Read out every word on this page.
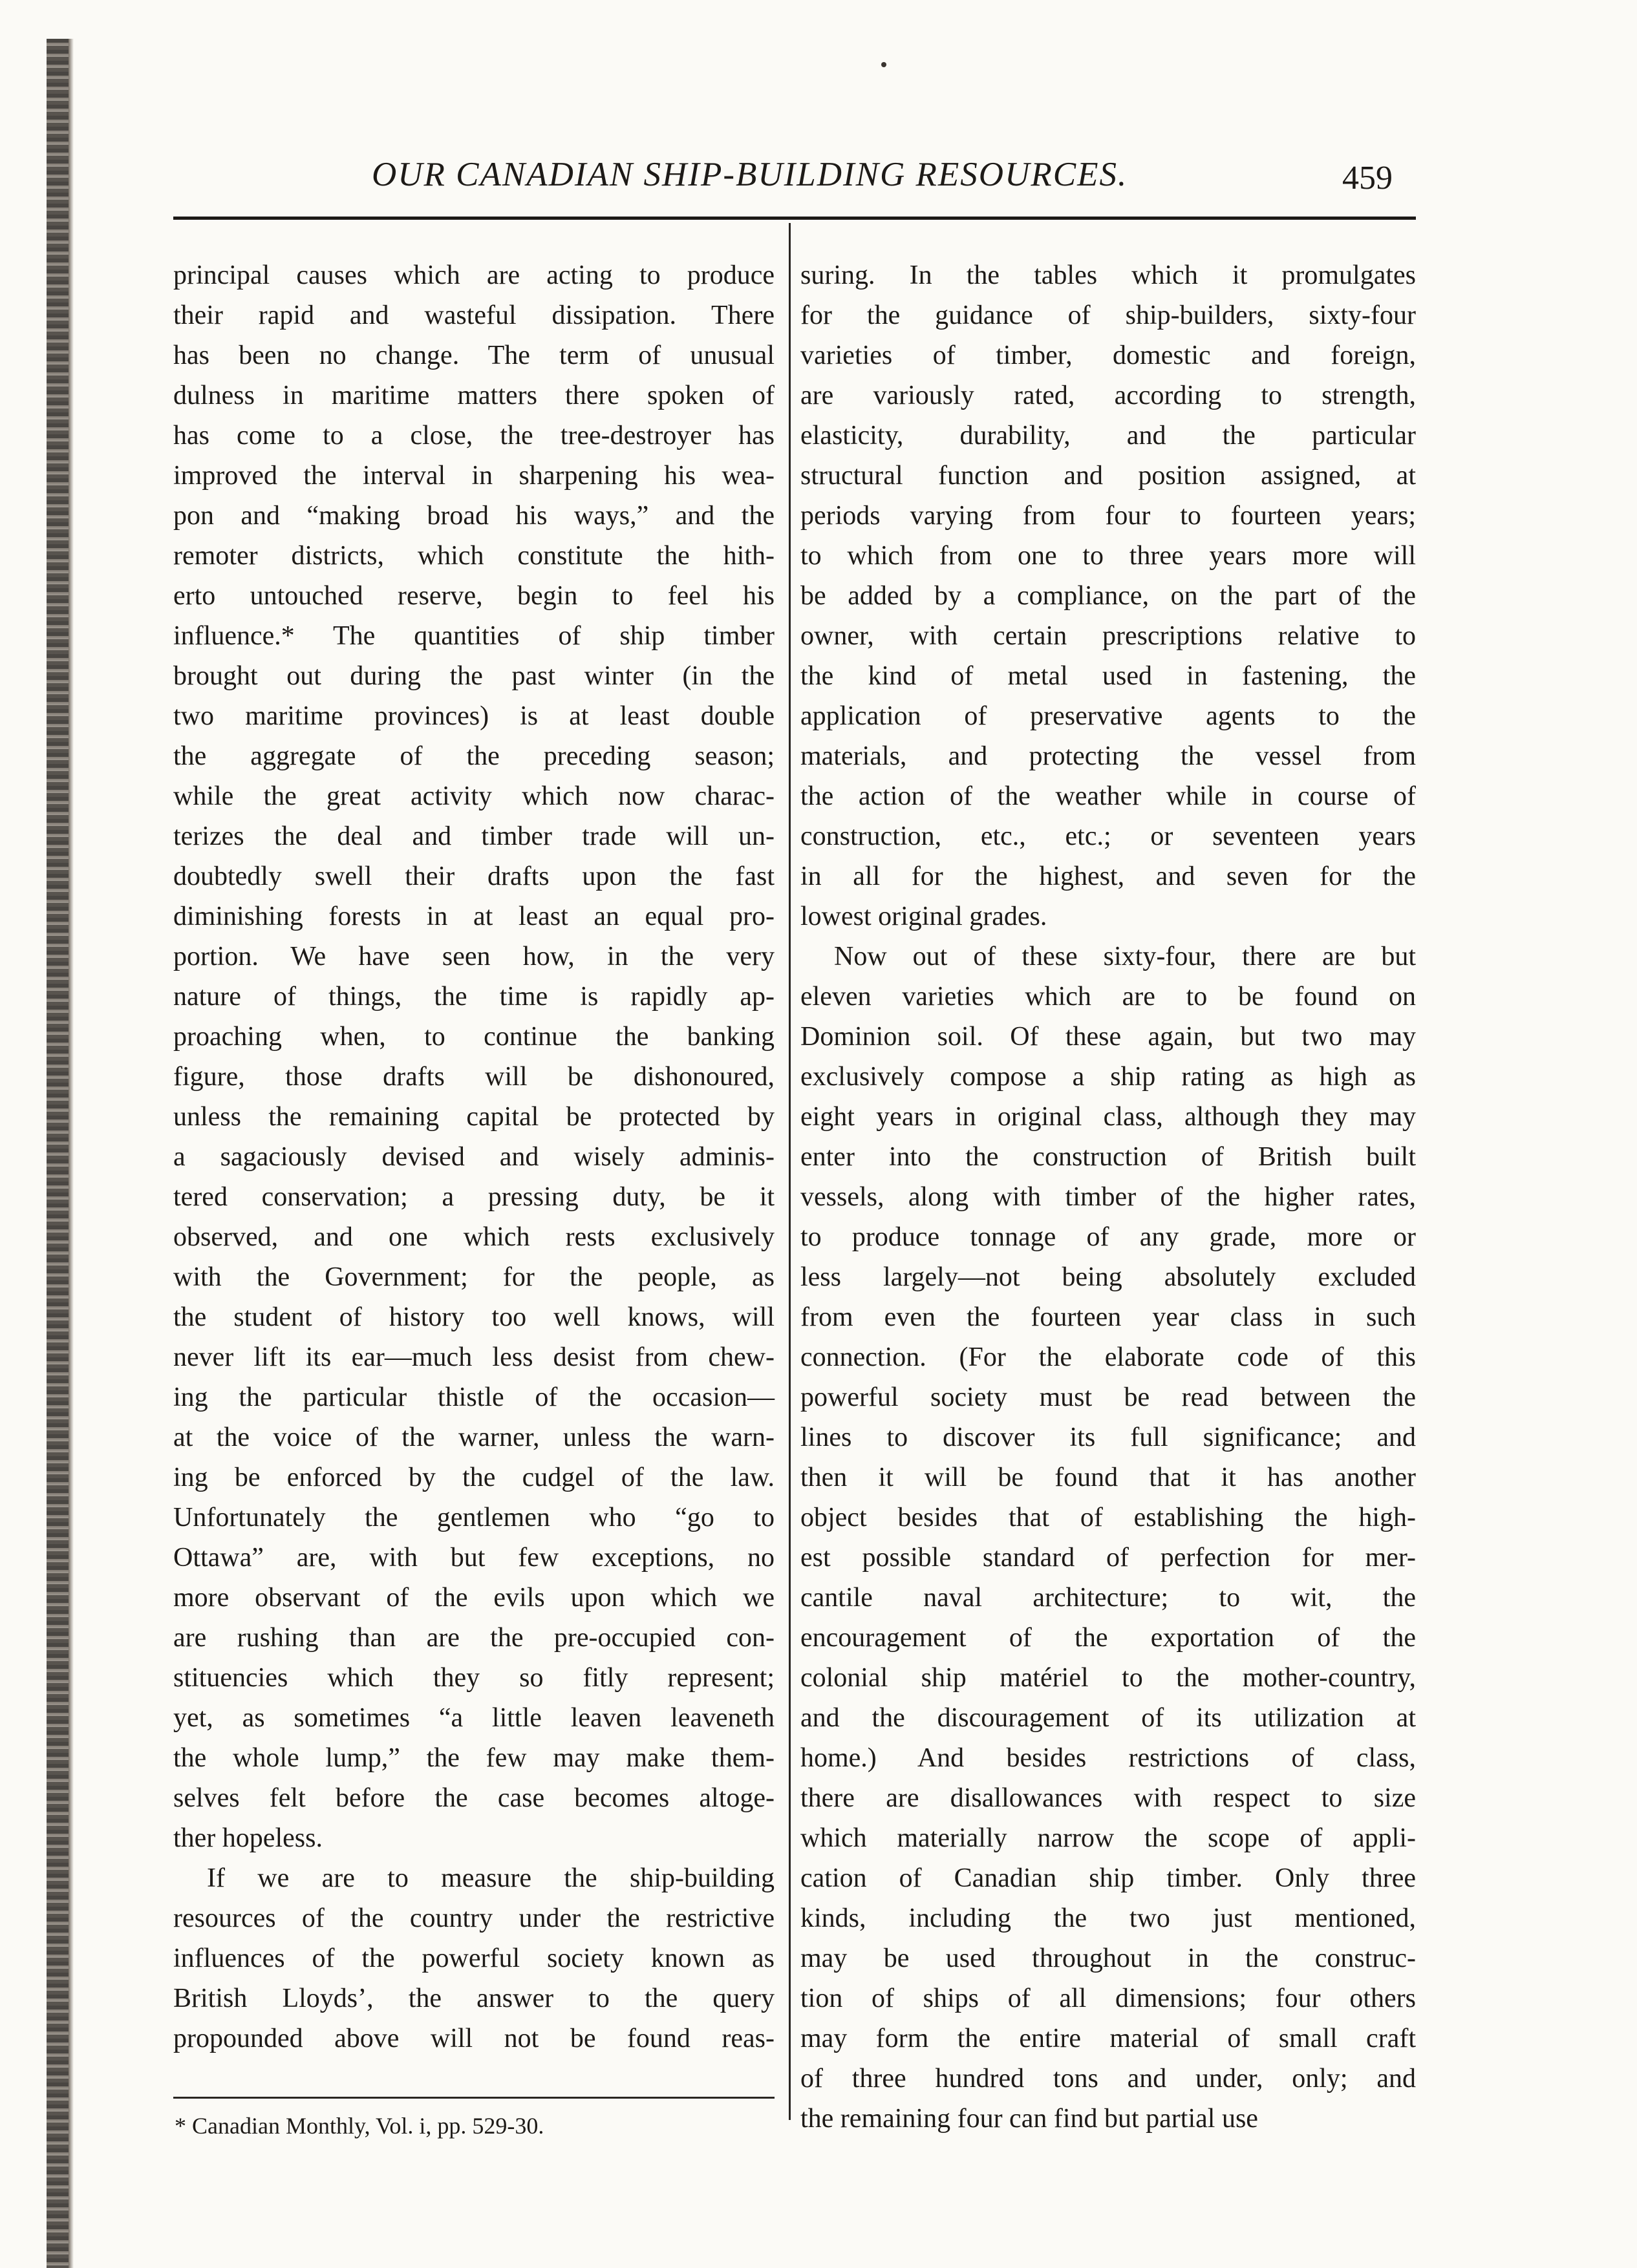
OUR CANADIAN SHIP-BUILDING RESOURCES.	459
principal causes which are acting to produce
their rapid and wasteful dissipation. There
has been no change. The term of unusual
dulness in maritime matters there spoken of
has come to a close, the tree-destroyer has
improved the interval in sharpening his wea-
pon and “making broad his ways,” and the
remoter districts, which constitute the hith-
erto untouched reserve, begin to feel his
influence.* The quantities of ship timber
brought out during the past winter (in the
two maritime provinces) is at least double
the aggregate of the preceding season;
while the great activity which now charac-
terizes the deal and timber trade will un-
doubtedly swell their drafts upon the fast
diminishing forests in at least an equal pro-
portion. We have seen how, in the very
nature of things, the time is rapidly ap-
proaching when, to continue the banking
figure, those drafts will be dishonoured,
unless the remaining capital be protected by
a sagaciously devised and wisely adminis-
tered conservation; a pressing duty, be it
observed, and one which rests exclusively
with the Government; for the people, as
the student of history too well knows, will
never lift its ear—much less desist from chew-
ing the particular thistle of the occasion—
at the voice of the warner, unless the warn-
ing be enforced by the cudgel of the law.
Unfortunately the gentlemen who “go to
Ottawa” are, with but few exceptions, no
more observant of the evils upon which we
are rushing than are the pre-occupied con-
stituencies which they so fitly represent;
yet, as sometimes “a little leaven leaveneth
the whole lump,” the few may make them-
selves felt before the case becomes altoge-
ther hopeless.
If we are to measure the ship-building
resources of the country under the restrictive
influences of the powerful society known as
British Lloyds’, the answer to the query
propounded above will not be found reas-
suring. In the tables which it promulgates
for the guidance of ship-builders, sixty-four
varieties of timber, domestic and foreign,
are variously rated, according to strength,
elasticity, durability, and the particular
structural function and position assigned, at
periods varying from four to fourteen years;
to which from one to three years more will
be added by a compliance, on the part of the
owner, with certain prescriptions relative to
the kind of metal used in fastening, the
application of preservative agents to the
materials, and protecting the vessel from
the action of the weather while in course of
construction, etc., etc.; or seventeen years
in all for the highest, and seven for the
lowest original grades.
Now out of these sixty-four, there are but
eleven varieties which are to be found on
Dominion soil. Of these again, but two may
exclusively compose a ship rating as high as
eight years in original class, although they may
enter into the construction of British built
vessels, along with timber of the higher rates,
to produce tonnage of any grade, more or
less largely—not being absolutely excluded
from even the fourteen year class in such
connection. (For the elaborate code of this
powerful society must be read between the
lines to discover its full significance; and
then it will be found that it has another
object besides that of establishing the high-
est possible standard of perfection for mer-
cantile naval architecture; to wit, the
encouragement of the exportation of the
colonial ship matériel to the mother-country,
and the discouragement of its utilization at
home.) And besides restrictions of class,
there are disallowances with respect to size
which materially narrow the scope of appli-
cation of Canadian ship timber. Only three
kinds, including the two just mentioned,
may be used throughout in the construc-
tion of ships of all dimensions; four others
may form the entire material of small craft
of three hundred tons and under, only; and
the remaining four can find but partial use
* Canadian Monthly, Vol. i, pp. 529-30.
